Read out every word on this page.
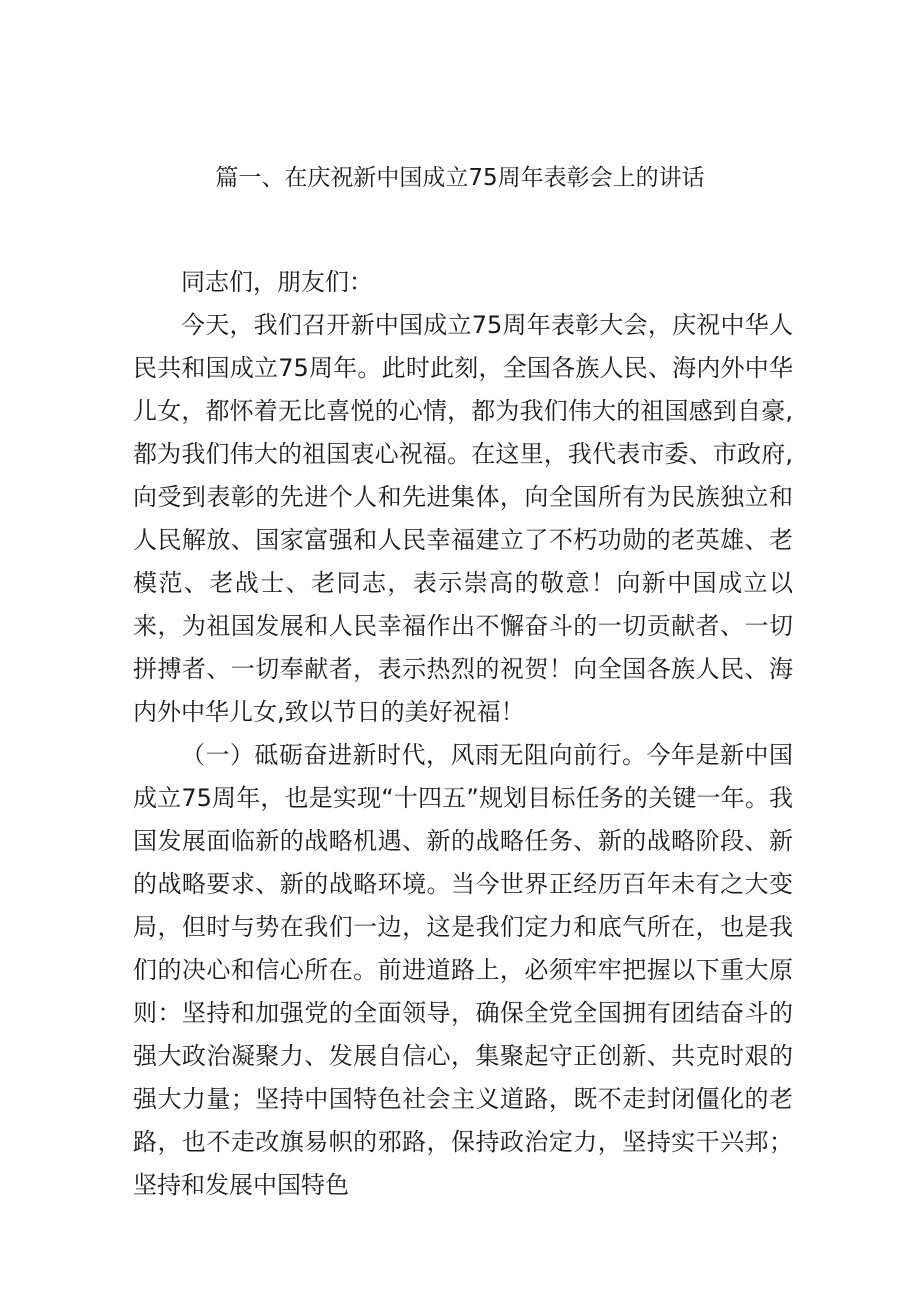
篇一、在庆祝新中国成立75周年表彰会上的讲话

同志们，朋友们：

今天，我们召开新中国成立75周年表彰大会，庆祝中华人民共和国成立75周年。此时此刻，全国各族人民、海内外中华儿女，都怀着无比喜悦的心情，都为我们伟大的祖国感到自豪,都为我们伟大的祖国衷心祝福。在这里，我代表市委、市政府,向受到表彰的先进个人和先进集体，向全国所有为民族独立和人民解放、国家富强和人民幸福建立了不朽功勋的老英雄、老模范、老战士、老同志，表示崇高的敬意！向新中国成立以来，为祖国发展和人民幸福作出不懈奋斗的一切贡献者、一切拼搏者、一切奉献者，表示热烈的祝贺！向全国各族人民、海内外中华儿女,致以节日的美好祝福！

（一）砥砺奋进新时代，风雨无阻向前行。今年是新中国成立75周年，也是实现“十四五”规划目标任务的关键一年。我国发展面临新的战略机遇、新的战略任务、新的战略阶段、新的战略要求、新的战略环境。当今世界正经历百年未有之大变局，但时与势在我们一边，这是我们定力和底气所在，也是我们的决心和信心所在。前进道路上，必须牢牢把握以下重大原则：坚持和加强党的全面领导，确保全党全国拥有团结奋斗的强大政治凝聚力、发展自信心，集聚起守正创新、共克时艰的强大力量；坚持中国特色社会主义道路，既不走封闭僵化的老路，也不走改旗易帜的邪路，保持政治定力，坚持实干兴邦；坚持和发展中国特色
